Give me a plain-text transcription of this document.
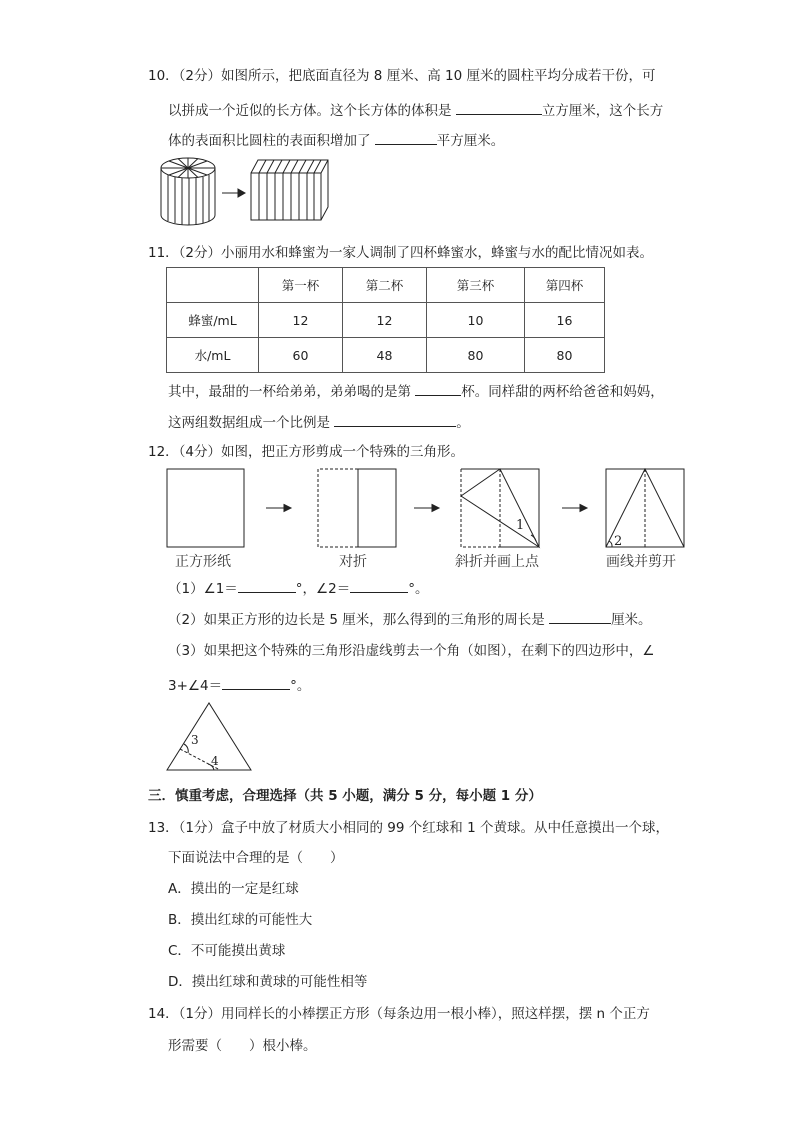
10．（2分）如图所示，把底面直径为 8 厘米、高 10 厘米的圆柱平均分成若干份，可
以拼成一个近似的长方体。这个长方体的体积是	立方厘米，这个长方
体的表面积比圆柱的表面积增加了	平方厘米。
11．（2分）小丽用水和蜂蜜为一家人调制了四杯蜂蜜水，蜂蜜与水的配比情况如表。
	第一杯	第二杯	第三杯	第四杯
蜂蜜/mL	12	12	10	16
水/mL	60	48	80	80
其中，最甜的一杯给弟弟，弟弟喝的是第	杯。同样甜的两杯给爸爸和妈妈，
这两组数据组成一个比例是	。
12．（4分）如图，把正方形剪成一个特殊的三角形。
1
2
正方形纸	对折	斜折并画上点	画线并剪开
（1）∠1＝	°，∠2＝	°。
（2）如果正方形的边长是 5 厘米，那么得到的三角形的周长是	厘米。
（3）如果把这个特殊的三角形沿虚线剪去一个角（如图），在剩下的四边形中，∠
3+∠4＝	°。
3
4
三．慎重考虑，合理选择（共 5 小题，满分 5 分，每小题 1 分）
13．（1分）盒子中放了材质大小相同的 99 个红球和 1 个黄球。从中任意摸出一个球，
下面说法中合理的是（　　）
A．摸出的一定是红球
B．摸出红球的可能性大
C．不可能摸出黄球
D．摸出红球和黄球的可能性相等
14．（1分）用同样长的小棒摆正方形（每条边用一根小棒），照这样摆，摆 n 个正方
形需要（　　）根小棒。
